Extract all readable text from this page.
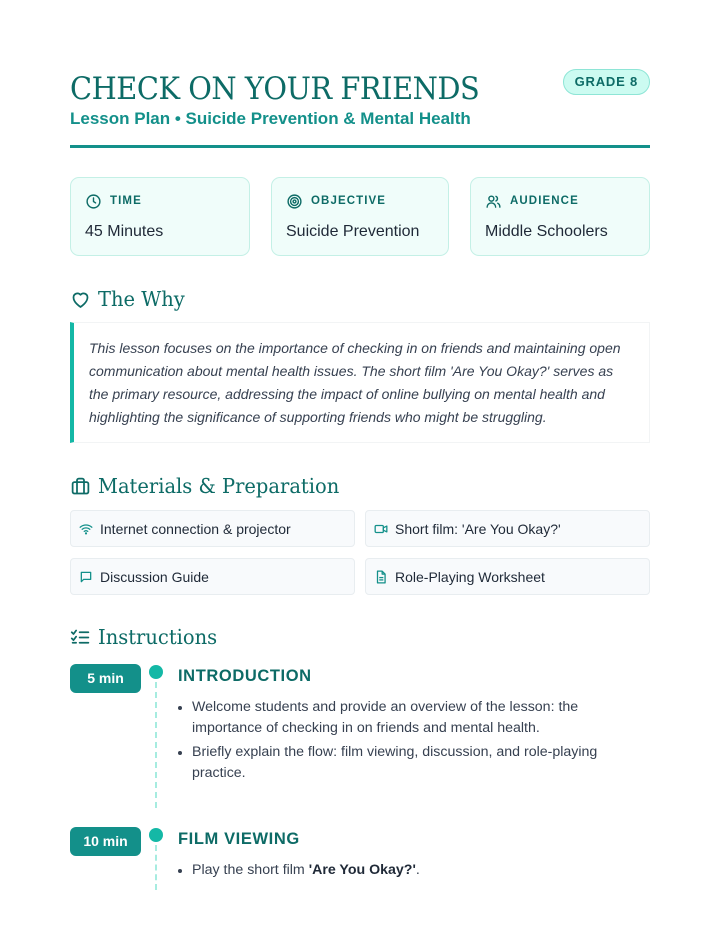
CHECK ON YOUR FRIENDS
Lesson Plan • Suicide Prevention & Mental Health
GRADE 8
TIME
45 Minutes
OBJECTIVE
Suicide Prevention
AUDIENCE
Middle Schoolers
The Why

This lesson focuses on the importance of checking in on friends and maintaining open communication about mental health issues. The short film 'Are You Okay?' serves as the primary resource, addressing the impact of online bullying on mental health and highlighting the significance of supporting friends who might be struggling.

Materials & Preparation
Internet connection & projector	Short film: 'Are You Okay?'
Discussion Guide	Role-Playing Worksheet
Instructions
5 min	INTRODUCTION
Welcome students and provide an overview of the lesson: the importance of checking in on friends and mental health.
Briefly explain the flow: film viewing, discussion, and role-playing practice.
10 min	FILM VIEWING
Play the short film 'Are You Okay?'.
